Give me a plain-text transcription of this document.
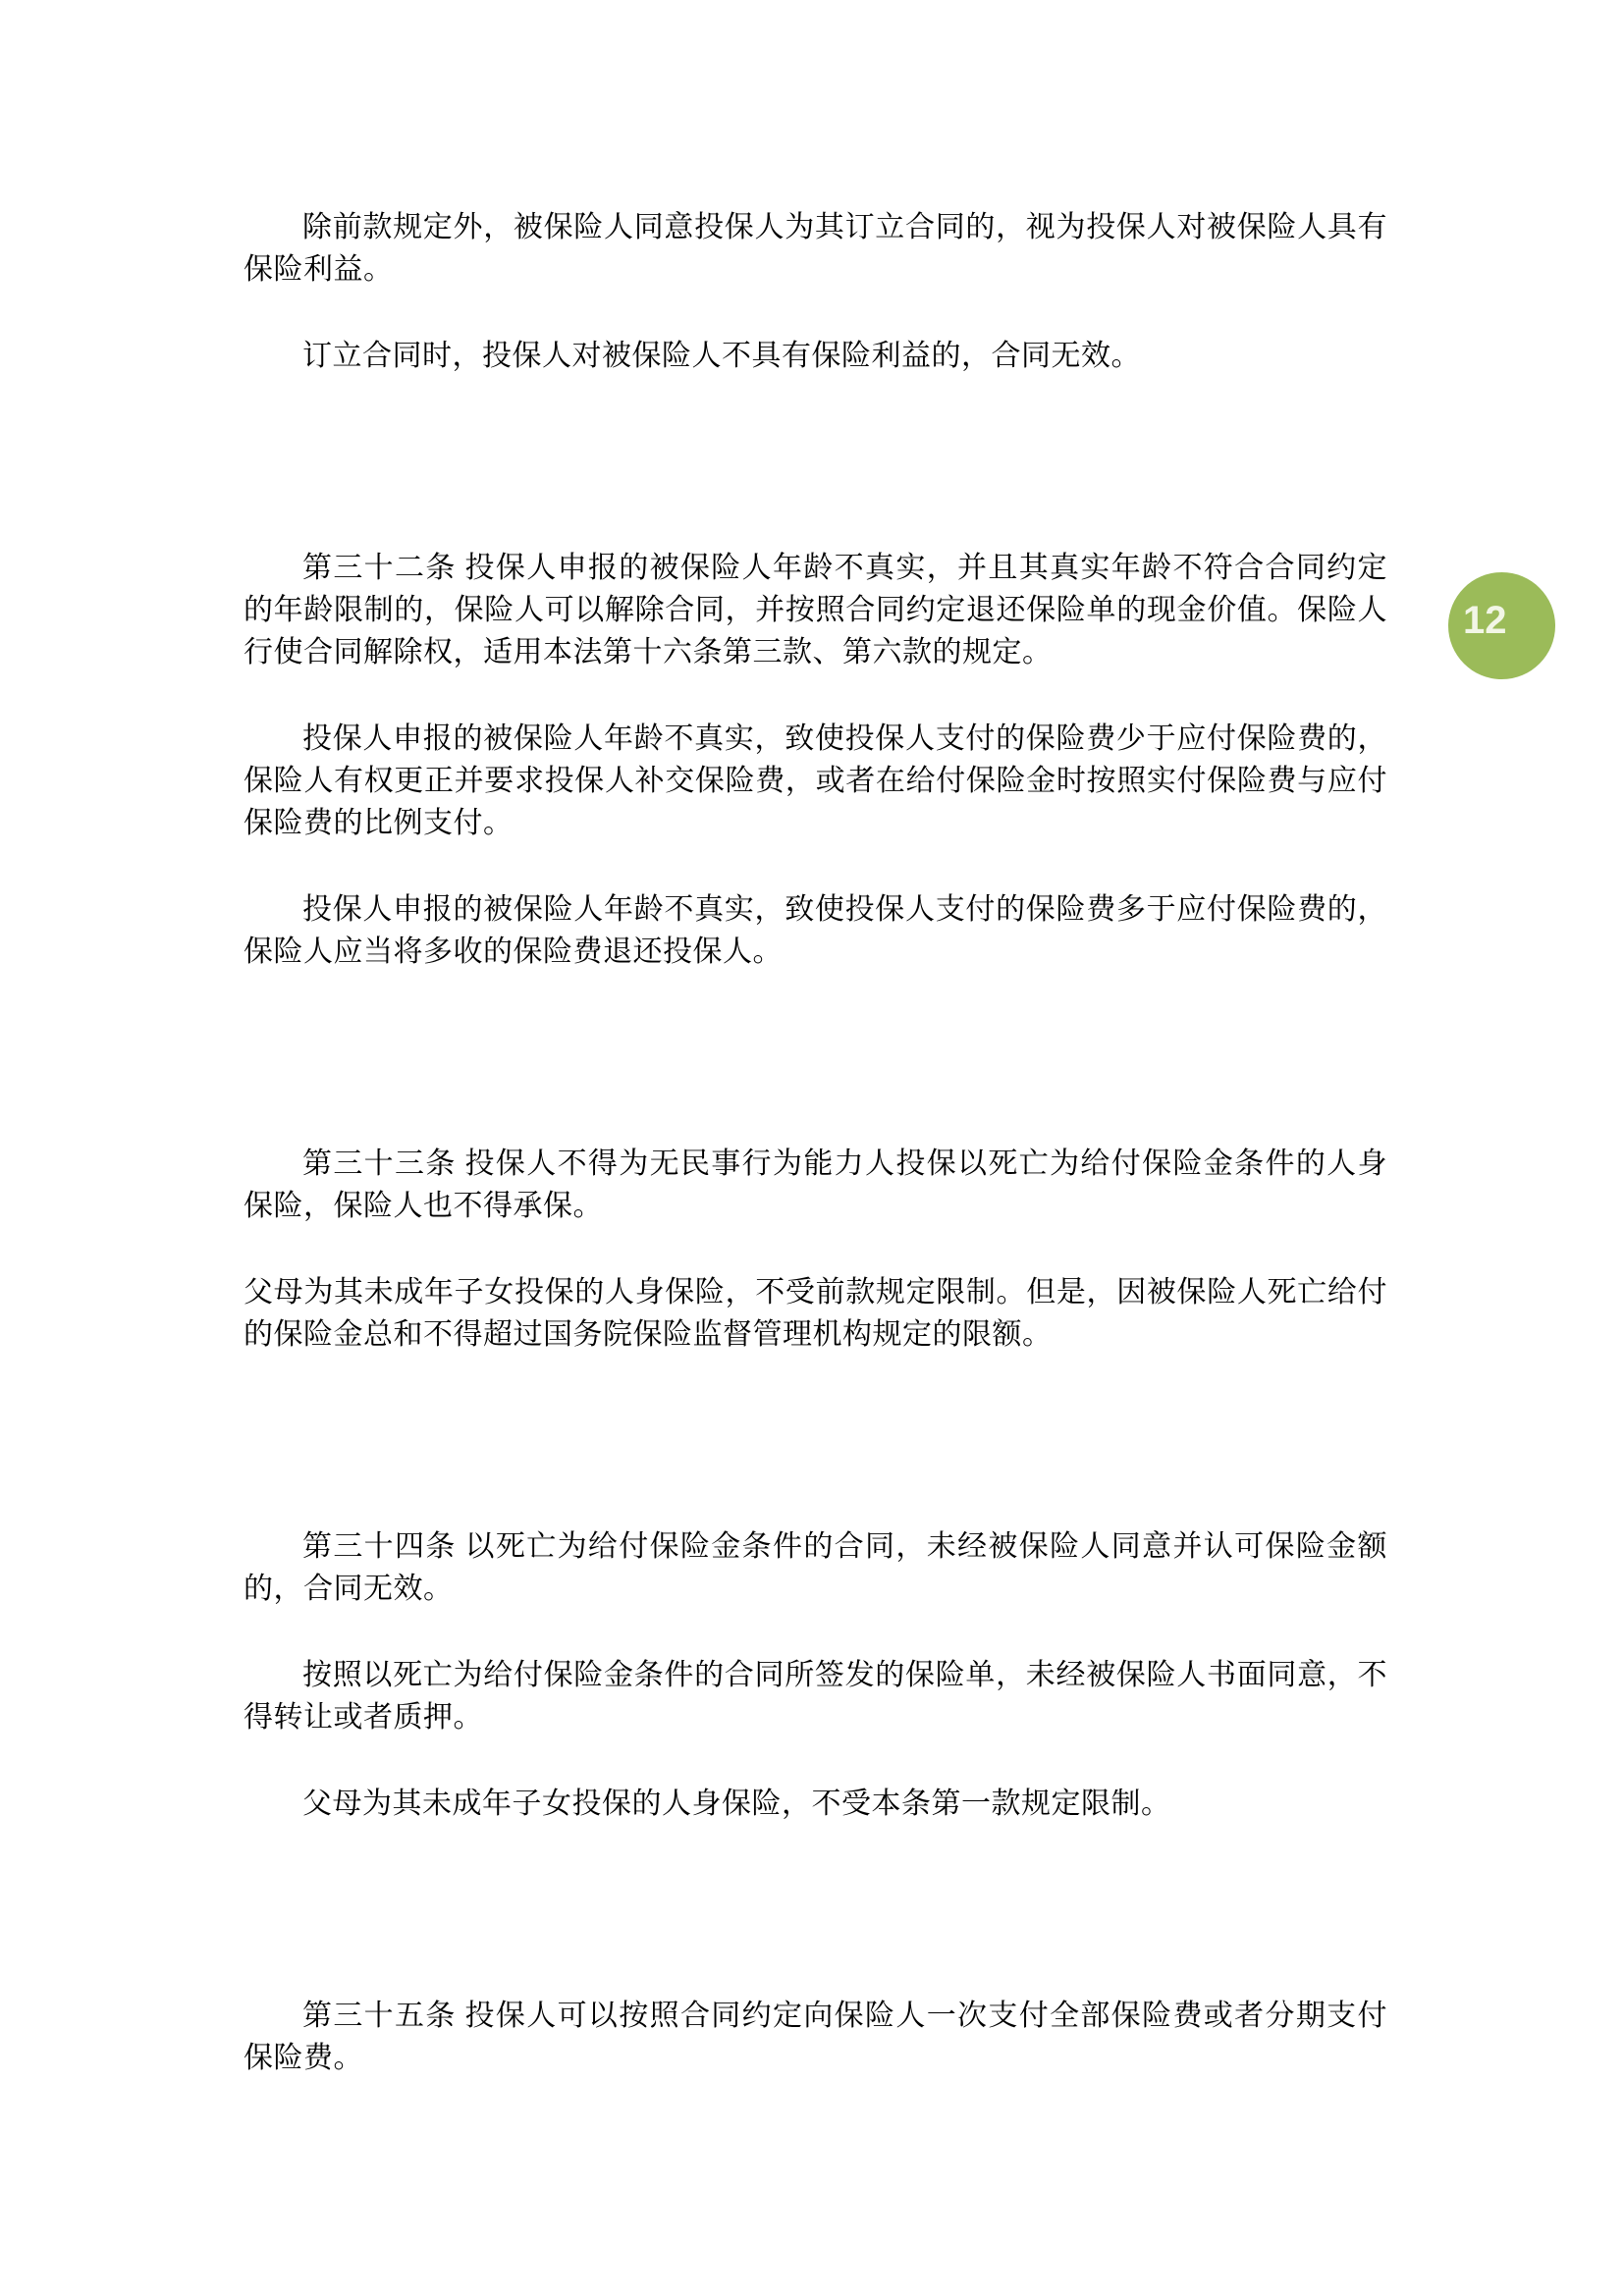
除前款规定外，被保险人同意投保人为其订立合同的，视为投保人对被保险人具有保险利益。

订立合同时，投保人对被保险人不具有保险利益的，合同无效。

第三十二条 投保人申报的被保险人年龄不真实，并且其真实年龄不符合合同约定的年龄限制的，保险人可以解除合同，并按照合同约定退还保险单的现金价值。保险人行使合同解除权，适用本法第十六条第三款、第六款的规定。

投保人申报的被保险人年龄不真实，致使投保人支付的保险费少于应付保险费的，保险人有权更正并要求投保人补交保险费，或者在给付保险金时按照实付保险费与应付保险费的比例支付。

投保人申报的被保险人年龄不真实，致使投保人支付的保险费多于应付保险费的，保险人应当将多收的保险费退还投保人。

第三十三条 投保人不得为无民事行为能力人投保以死亡为给付保险金条件的人身保险，保险人也不得承保。

父母为其未成年子女投保的人身保险，不受前款规定限制。但是，因被保险人死亡给付的保险金总和不得超过国务院保险监督管理机构规定的限额。

第三十四条 以死亡为给付保险金条件的合同，未经被保险人同意并认可保险金额的，合同无效。

按照以死亡为给付保险金条件的合同所签发的保险单，未经被保险人书面同意，不得转让或者质押。

父母为其未成年子女投保的人身保险，不受本条第一款规定限制。

第三十五条 投保人可以按照合同约定向保险人一次支付全部保险费或者分期支付保险费。

12
